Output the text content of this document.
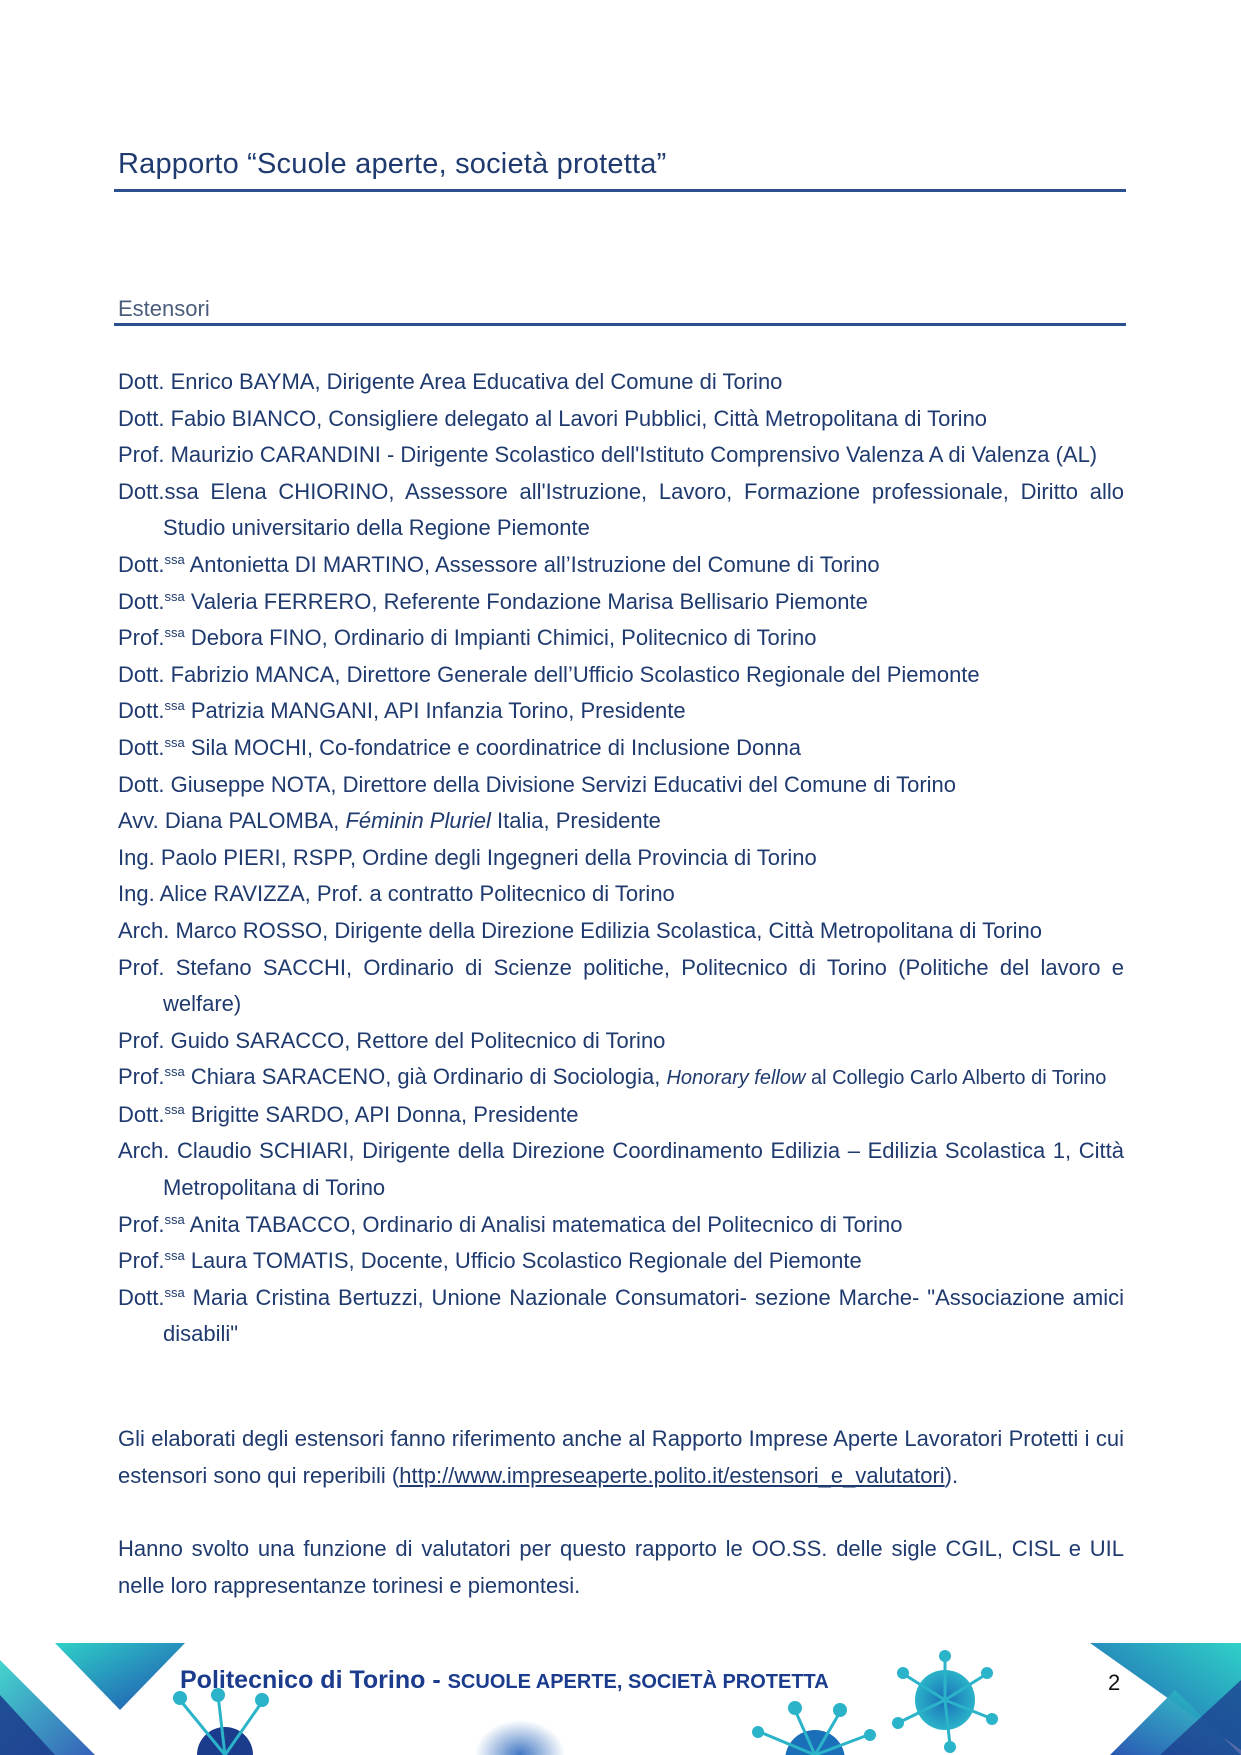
Rapporto “Scuole aperte, società protetta”
Estensori
Dott. Enrico BAYMA, Dirigente Area Educativa del Comune di Torino
Dott. Fabio BIANCO, Consigliere delegato al Lavori Pubblici, Città Metropolitana di Torino
Prof. Maurizio CARANDINI - Dirigente Scolastico dell'Istituto Comprensivo Valenza A di Valenza (AL)
Dott.ssa Elena CHIORINO, Assessore all'Istruzione, Lavoro, Formazione professionale, Diritto allo Studio universitario della Regione Piemonte
Dott.$^{ssa}$ Antonietta DI MARTINO, Assessore all’Istruzione del Comune di Torino
Dott.$^{ssa}$ Valeria FERRERO, Referente Fondazione Marisa Bellisario Piemonte
Prof.$^{ssa}$ Debora FINO, Ordinario di Impianti Chimici, Politecnico di Torino
Dott. Fabrizio MANCA, Direttore Generale dell’Ufficio Scolastico Regionale del Piemonte
Dott.$^{ssa}$ Patrizia MANGANI, API Infanzia Torino, Presidente
Dott.$^{ssa}$ Sila MOCHI, Co-fondatrice e coordinatrice di Inclusione Donna
Dott. Giuseppe NOTA, Direttore della Divisione Servizi Educativi del Comune di Torino
Avv. Diana PALOMBA, Féminin Pluriel Italia, Presidente
Ing. Paolo PIERI, RSPP, Ordine degli Ingegneri della Provincia di Torino
Ing. Alice RAVIZZA, Prof. a contratto Politecnico di Torino
Arch. Marco ROSSO, Dirigente della Direzione Edilizia Scolastica, Città Metropolitana di Torino
Prof. Stefano SACCHI, Ordinario di Scienze politiche, Politecnico di Torino (Politiche del lavoro e welfare)
Prof. Guido SARACCO, Rettore del Politecnico di Torino
Prof.$^{ssa}$ Chiara SARACENO, già Ordinario di Sociologia, Honorary fellow al Collegio Carlo Alberto di Torino
Dott.$^{ssa}$ Brigitte SARDO, API Donna, Presidente
Arch. Claudio SCHIARI, Dirigente della Direzione Coordinamento Edilizia – Edilizia Scolastica 1, Città Metropolitana di Torino
Prof.$^{ssa}$ Anita TABACCO, Ordinario di Analisi matematica del Politecnico di Torino
Prof.$^{ssa}$ Laura TOMATIS, Docente, Ufficio Scolastico Regionale del Piemonte
Dott.$^{ssa}$ Maria Cristina Bertuzzi, Unione Nazionale Consumatori- sezione Marche- "Associazione amici disabili"
Gli elaborati degli estensori fanno riferimento anche al Rapporto Imprese Aperte Lavoratori Protetti i cui estensori sono qui reperibili (http://www.impreseaperte.polito.it/estensori_e_valutatori).
Hanno svolto una funzione di valutatori per questo rapporto le OO.SS. delle sigle CGIL, CISL e UIL nelle loro rappresentanze torinesi e piemontesi.
Politecnico di Torino - SCUOLE APERTE, SOCIETÀ PROTETTA	2
